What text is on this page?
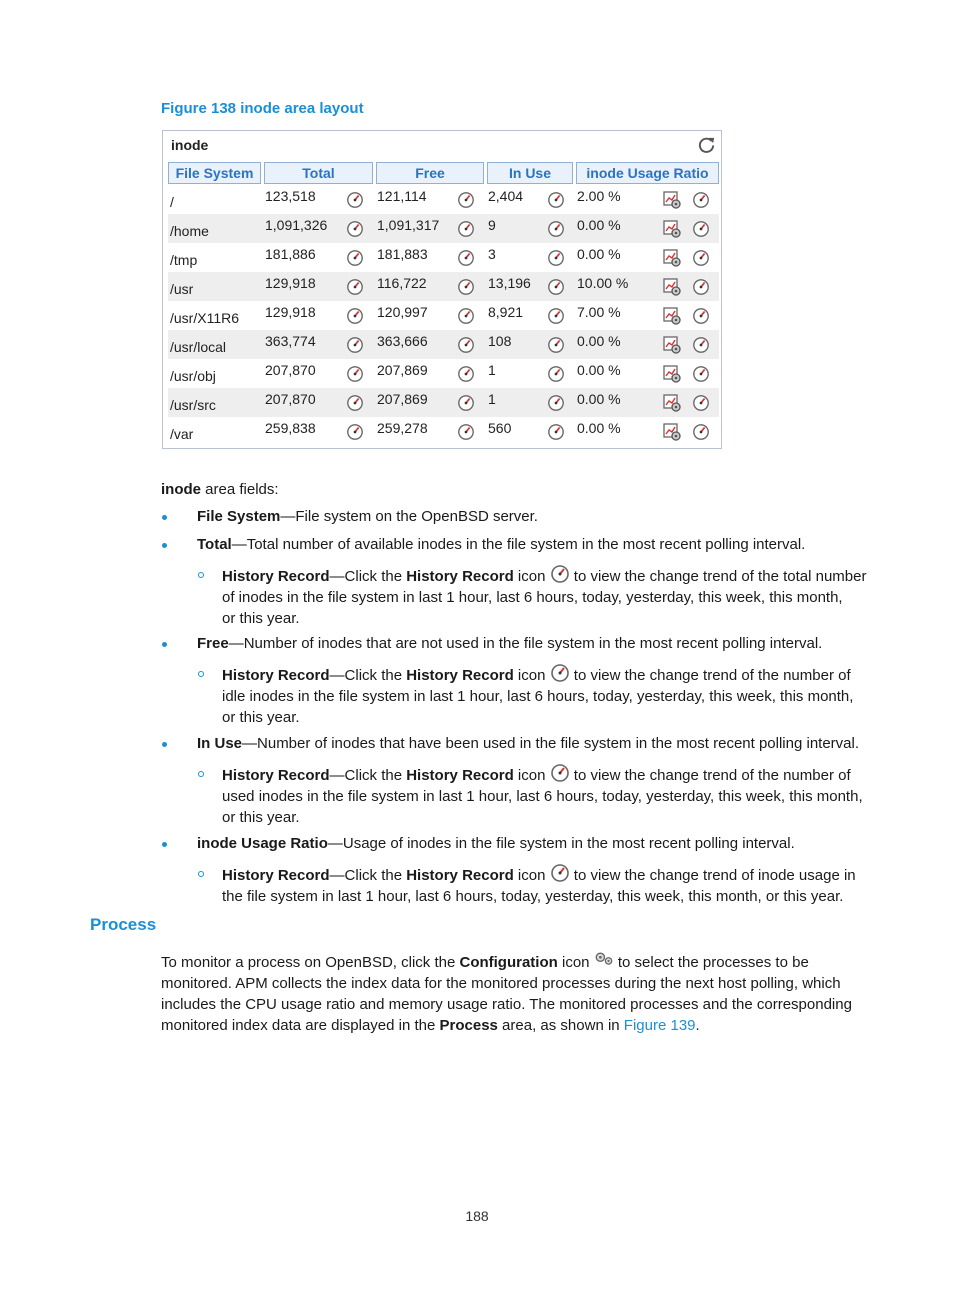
Figure 138 inode area layout
inode
File System	Total	Free	In Use	inode Usage Ratio
/	123,518	121,114	2,404	2.00 %
/home	1,091,326	1,091,317	9	0.00 %
/tmp	181,886	181,883	3	0.00 %
/usr	129,918	116,722	13,196	10.00 %
/usr/X11R6 129,918	120,997	8,921	7.00 %
/usr/local	363,774	363,666	108	0.00 %
/usr/obj	207,870	207,869	1	0.00 %
/usr/src	207,870	207,869	1	0.00 %
/var	259,838	259,278	560	0.00 %
inode area fields:
File System—File system on the OpenBSD server.
Total—Total number of available inodes in the file system in the most recent polling interval.
History Record—Click the History Record icon  to view the change trend of the total number
of inodes in the file system in last 1 hour, last 6 hours, today, yesterday, this week, this month,
or this year.
Free—Number of inodes that are not used in the file system in the most recent polling interval.
History Record—Click the History Record icon  to view the change trend of the number of
idle inodes in the file system in last 1 hour, last 6 hours, today, yesterday, this week, this month,
or this year.
In Use—Number of inodes that have been used in the file system in the most recent polling interval.
History Record—Click the History Record icon  to view the change trend of the number of
used inodes in the file system in last 1 hour, last 6 hours, today, yesterday, this week, this month,
or this year.
inode Usage Ratio—Usage of inodes in the file system in the most recent polling interval.
History Record—Click the History Record icon  to view the change trend of inode usage in
the file system in last 1 hour, last 6 hours, today, yesterday, this week, this month, or this year.
Process
To monitor a process on OpenBSD, click the Configuration icon  to select the processes to be
monitored. APM collects the index data for the monitored processes during the next host polling, which
includes the CPU usage ratio and memory usage ratio. The monitored processes and the corresponding
monitored index data are displayed in the Process area, as shown in Figure 139.
188
